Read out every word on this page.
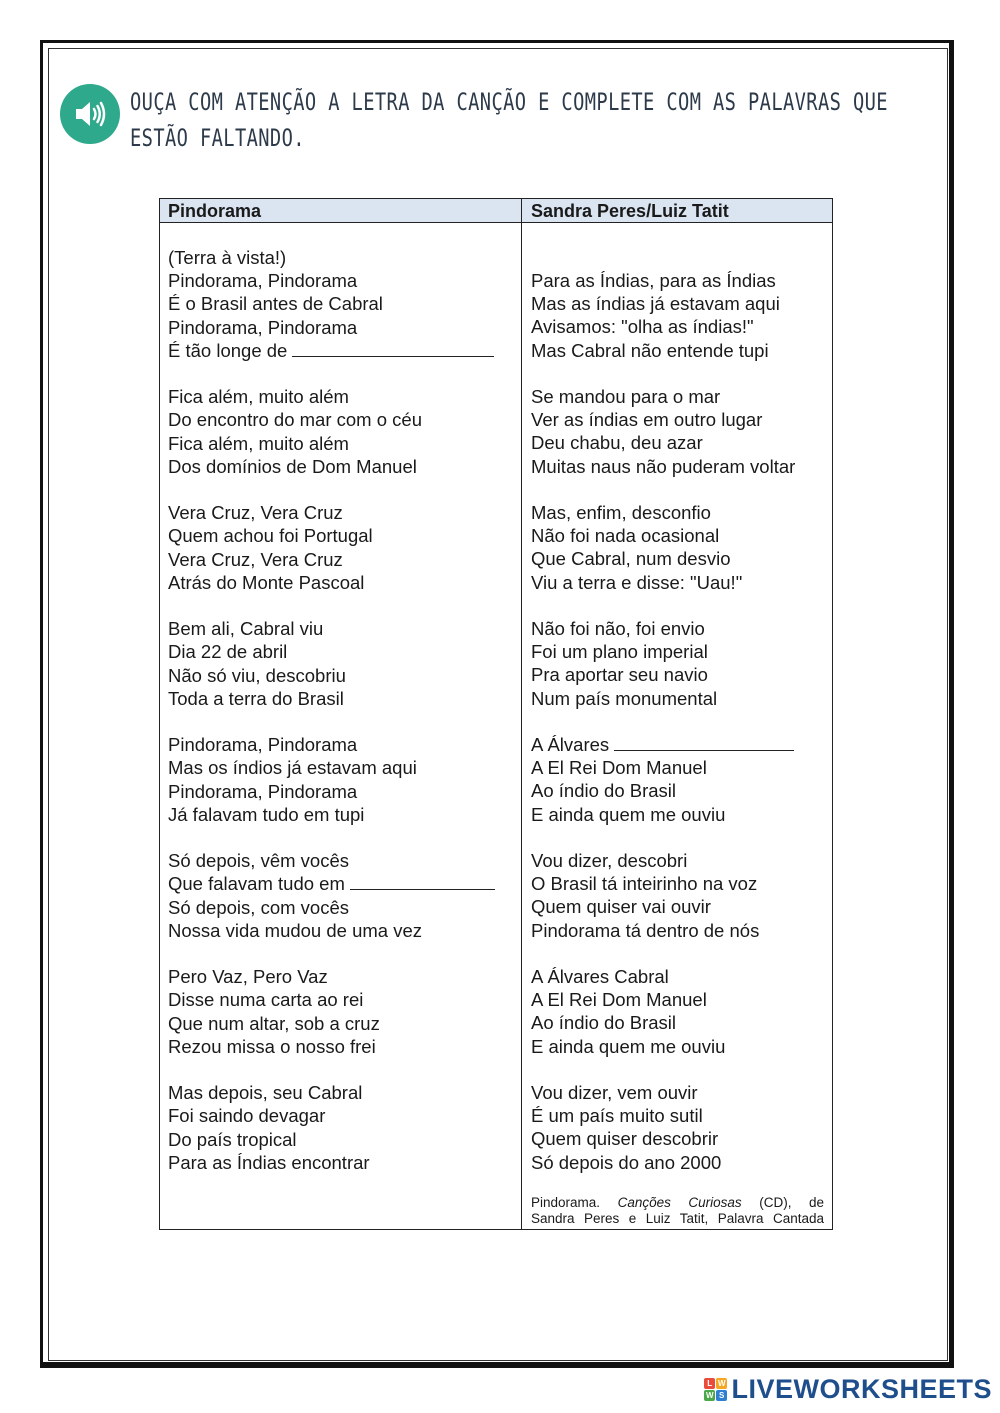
OUÇA COM ATENÇÃO A LETRA DA CANÇÃO E COMPLETE COM AS PALAVRAS QUE
ESTÃO FALTANDO.
Pindorama	Sandra Peres/Luiz Tatit
(Terra à vista!)
Pindorama, Pindorama
É o Brasil antes de Cabral
Pindorama, Pindorama
É tão longe de
Fica além, muito além
Do encontro do mar com o céu
Fica além, muito além
Dos domínios de Dom Manuel
Vera Cruz, Vera Cruz
Quem achou foi Portugal
Vera Cruz, Vera Cruz
Atrás do Monte Pascoal
Bem ali, Cabral viu
Dia 22 de abril
Não só viu, descobriu
Toda a terra do Brasil
Pindorama, Pindorama
Mas os índios já estavam aqui
Pindorama, Pindorama
Já falavam tudo em tupi
Só depois, vêm vocês
Que falavam tudo em
Só depois, com vocês
Nossa vida mudou de uma vez
Pero Vaz, Pero Vaz
Disse numa carta ao rei
Que num altar, sob a cruz
Rezou missa o nosso frei
Mas depois, seu Cabral
Foi saindo devagar
Do país tropical
Para as Índias encontrar
Para as Índias, para as Índias
Mas as índias já estavam aqui
Avisamos: "olha as índias!"
Mas Cabral não entende tupi
Se mandou para o mar
Ver as índias em outro lugar
Deu chabu, deu azar
Muitas naus não puderam voltar
Mas, enfim, desconfio
Não foi nada ocasional
Que Cabral, num desvio
Viu a terra e disse: "Uau!"
Não foi não, foi envio
Foi um plano imperial
Pra aportar seu navio
Num país monumental
A Álvares
A El Rei Dom Manuel
Ao índio do Brasil
E ainda quem me ouviu
Vou dizer, descobri
O Brasil tá inteirinho na voz
Quem quiser vai ouvir
Pindorama tá dentro de nós
A Álvares Cabral
A El Rei Dom Manuel
Ao índio do Brasil
E ainda quem me ouviu
Vou dizer, vem ouvir
É um país muito sutil
Quem quiser descobrir
Só depois do ano 2000
Pindorama. Canções Curiosas (CD), de
Sandra Peres e Luiz Tatit, Palavra Cantada
L W
W S LIVEWORKSHEETS
